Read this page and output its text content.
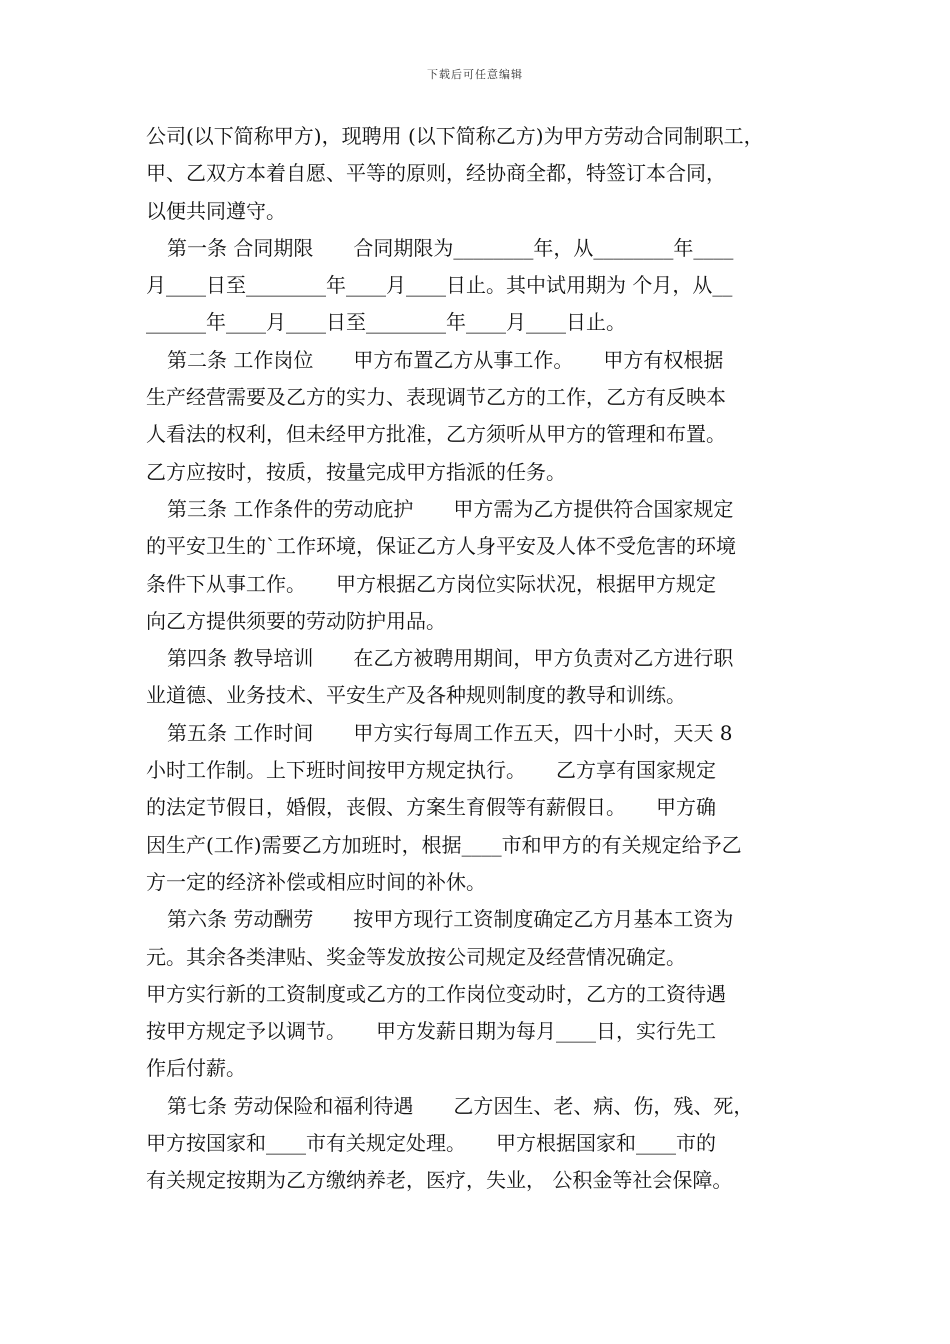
下载后可任意编辑
公司(以下简称甲方)，现聘用 (以下简称乙方)为甲方劳动合同制职工，
甲、乙双方本着自愿、平等的原则，经协商全都，特签订本合同，
以便共同遵守。
第一条 合同期限　　合同期限为________年，从________年____
月____日至________年____月____日止。其中试用期为 个月，从__
______年____月____日至________年____月____日止。
第二条 工作岗位　　甲方布置乙方从事工作。　　甲方有权根据
生产经营需要及乙方的实力、表现调节乙方的工作，乙方有反映本
人看法的权利，但未经甲方批准，乙方须听从甲方的管理和布置。
乙方应按时，按质，按量完成甲方指派的任务。
第三条 工作条件的劳动庇护　　甲方需为乙方提供符合国家规定
的平安卫生的`工作环境，保证乙方人身平安及人体不受危害的环境
条件下从事工作。　　甲方根据乙方岗位实际状况，根据甲方规定
向乙方提供须要的劳动防护用品。
第四条 教导培训　　在乙方被聘用期间，甲方负责对乙方进行职
业道德、业务技术、平安生产及各种规则制度的教导和训练。
第五条 工作时间　　甲方实行每周工作五天，四十小时，天天 8
小时工作制。上下班时间按甲方规定执行。　　乙方享有国家规定
的法定节假日，婚假，丧假、方案生育假等有薪假日。　　甲方确
因生产(工作)需要乙方加班时，根据____市和甲方的有关规定给予乙
方一定的经济补偿或相应时间的补休。
第六条 劳动酬劳　　按甲方现行工资制度确定乙方月基本工资为
元。其余各类津贴、奖金等发放按公司规定及经营情况确定。
甲方实行新的工资制度或乙方的工作岗位变动时，乙方的工资待遇
按甲方规定予以调节。　　甲方发薪日期为每月____日，实行先工
作后付薪。
第七条 劳动保险和福利待遇　　乙方因生、老、病、伤，残、死，
甲方按国家和____市有关规定处理。　　甲方根据国家和____市的
有关规定按期为乙方缴纳养老，医疗，失业， 公积金等社会保障。
